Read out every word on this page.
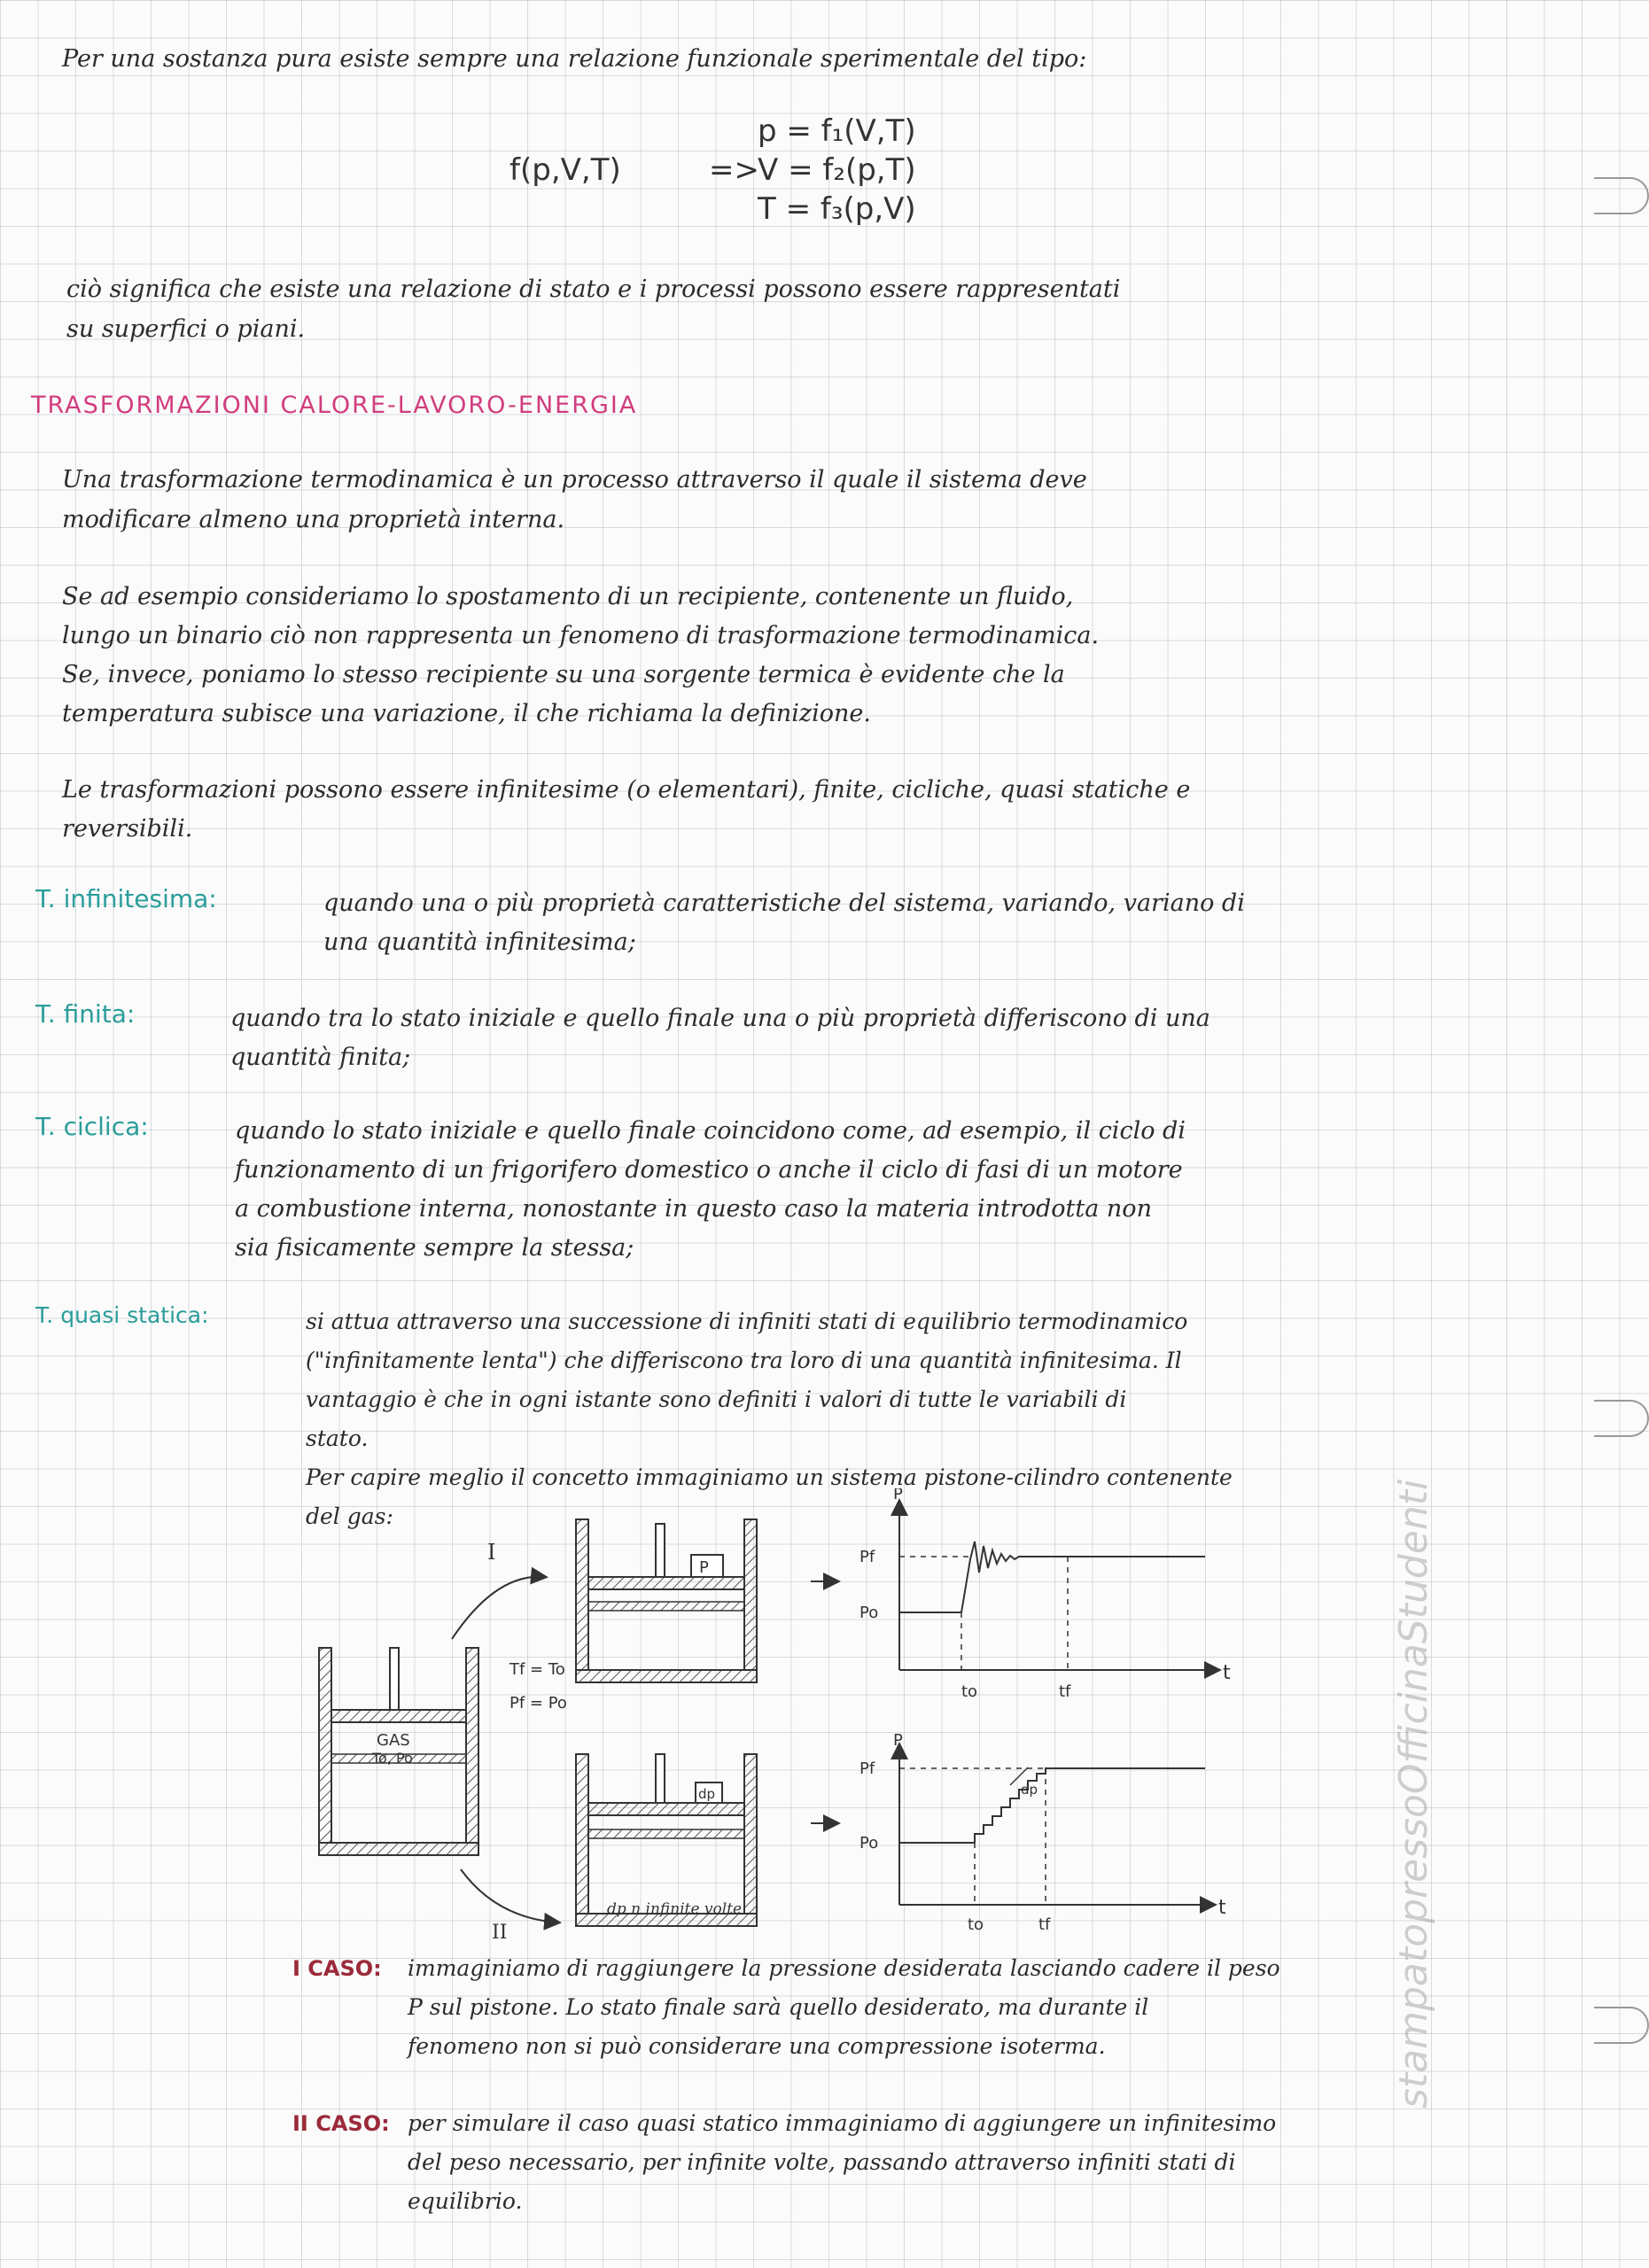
Per una sostanza pura esiste sempre una relazione funzionale sperimentale del tipo:
f(p,V,T)	=>
p = f₁(V,T)
V = f₂(p,T)
T = f₃(p,V)
ciò significa che esiste una relazione di stato e i processi possono essere rappresentati
su superfici o piani.
TRASFORMAZIONI CALORE-LAVORO-ENERGIA
Una trasformazione termodinamica è un processo attraverso il quale il sistema deve
modificare almeno una proprietà interna.
Se ad esempio consideriamo lo spostamento di un recipiente, contenente un fluido,
lungo un binario ciò non rappresenta un fenomeno di trasformazione termodinamica.
Se, invece, poniamo lo stesso recipiente su una sorgente termica è evidente che la
temperatura subisce una variazione, il che richiama la definizione.
Le trasformazioni possono essere infinitesime (o elementari), finite, cicliche, quasi statiche e
reversibili.
T. infinitesima:	quando una o più proprietà caratteristiche del sistema, variando, variano di
una quantità infinitesima;
T. finita:	quando tra lo stato iniziale e quello finale una o più proprietà differiscono di una
quantità finita;
T. ciclica:	quando lo stato iniziale e quello finale coincidono come, ad esempio, il ciclo di
funzionamento di un frigorifero domestico o anche il ciclo di fasi di un motore
a combustione interna, nonostante in questo caso la materia introdotta non
sia fisicamente sempre la stessa;
T. quasi statica:	si attua attraverso una successione di infiniti stati di equilibrio termodinamico
("infinitamente lenta") che differiscono tra loro di una quantità infinitesima. Il
vantaggio è che in ogni istante sono definiti i valori di tutte le variabili di
stato.
Per capire meglio il concetto immaginiamo un sistema pistone-cilindro contenente
del gas:
GAS
To, Po
Tf = To
Pf = Po
I
II
P
dp
dp n infinite volte
P
Pf
Po
to	tf
t
P
Pf
Po
dp
to	tf
t
I CASO: immaginiamo di raggiungere la pressione desiderata lasciando cadere il peso
P sul pistone. Lo stato finale sarà quello desiderato, ma durante il
fenomeno non si può considerare una compressione isoterma.
II CASO: per simulare il caso quasi statico immaginiamo di aggiungere un infinitesimo
del peso necessario, per infinite volte, passando attraverso infiniti stati di
equilibrio.
stampatopressoOfficinaStudenti
